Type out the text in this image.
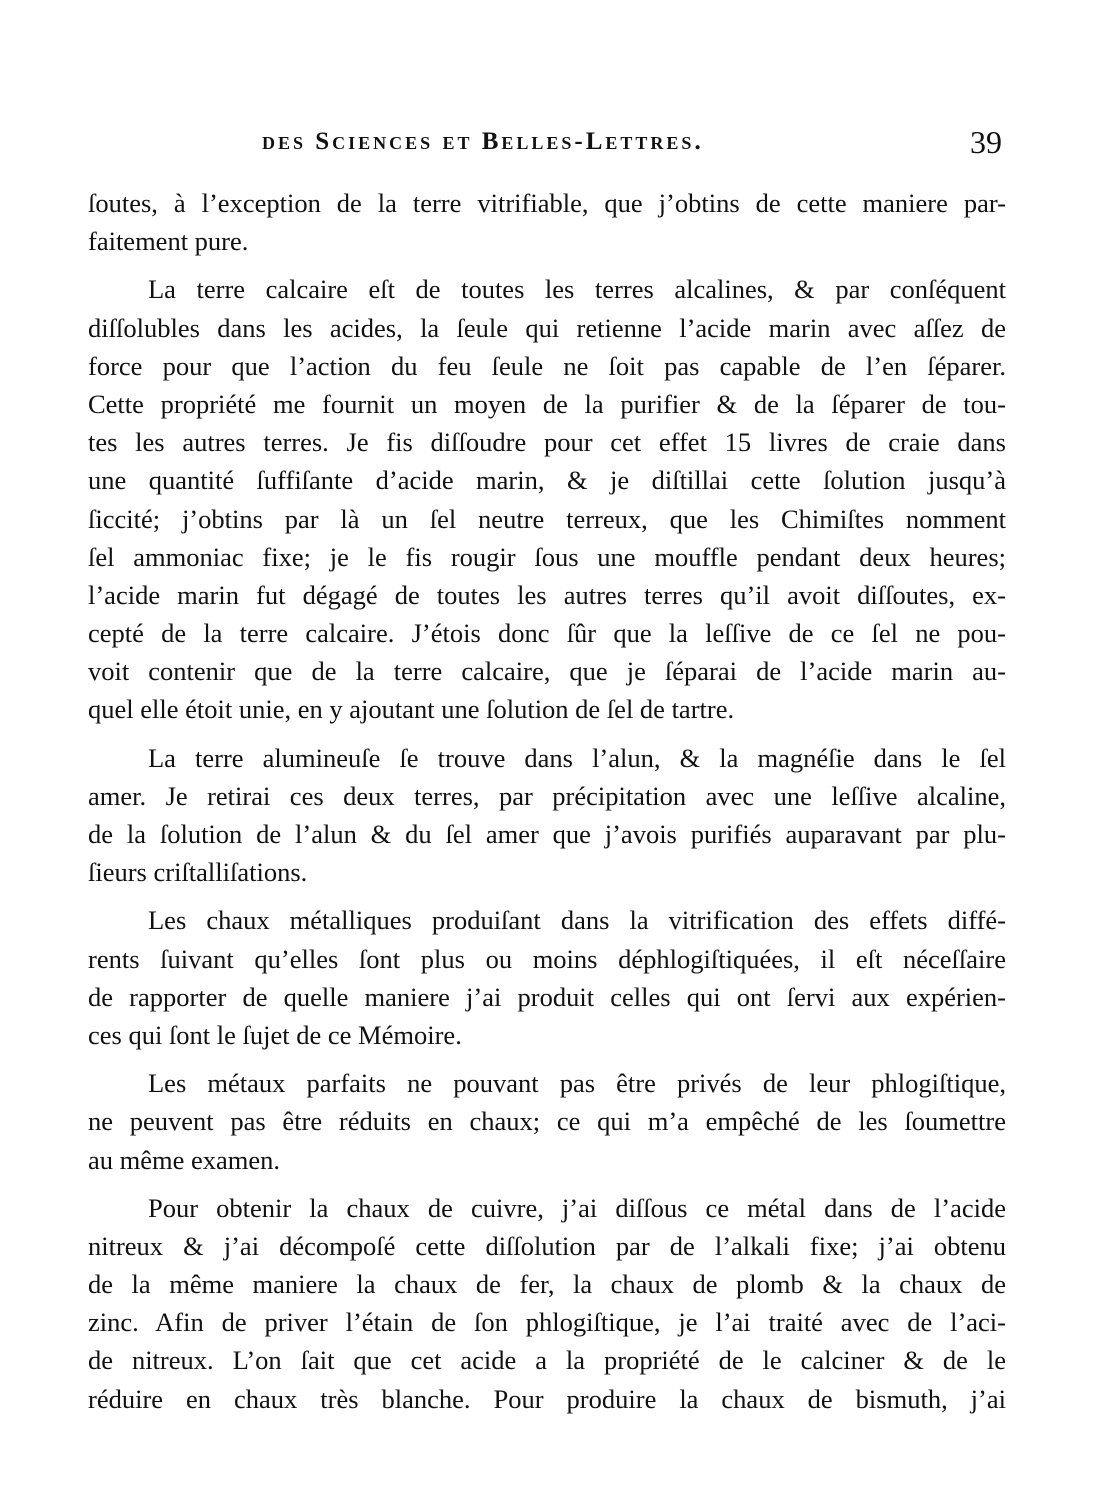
des Sciences et Belles-Lettres.	39
ſoutes, à l’exception de la terre vitrifiable, que j’obtins de cette maniere par-
faitement pure.
La terre calcaire eſt de toutes les terres alcalines, & par conſéquent
diſſolubles dans les acides, la ſeule qui retienne l’acide marin avec aſſez de
force pour que l’action du feu ſeule ne ſoit pas capable de l’en ſéparer.
Cette propriété me fournit un moyen de la purifier & de la ſéparer de tou-
tes les autres terres. Je fis diſſoudre pour cet effet 15 livres de craie dans
une quantité ſuffiſante d’acide marin, & je diſtillai cette ſolution jusqu’à
ſiccité; j’obtins par là un ſel neutre terreux, que les Chimiſtes nomment
ſel ammoniac fixe; je le fis rougir ſous une mouffle pendant deux heures;
l’acide marin fut dégagé de toutes les autres terres qu’il avoit diſſoutes, ex-
cepté de la terre calcaire. J’étois donc ſûr que la leſſive de ce ſel ne pou-
voit contenir que de la terre calcaire, que je ſéparai de l’acide marin au-
quel elle étoit unie, en y ajoutant une ſolution de ſel de tartre.
La terre alumineuſe ſe trouve dans l’alun, & la magnéſie dans le ſel
amer. Je retirai ces deux terres, par précipitation avec une leſſive alcaline,
de la ſolution de l’alun & du ſel amer que j’avois purifiés auparavant par plu-
ſieurs criſtalliſations.
Les chaux métalliques produiſant dans la vitrification des effets diffé-
rents ſuivant qu’elles ſont plus ou moins déphlogiſtiquées, il eſt néceſſaire
de rapporter de quelle maniere j’ai produit celles qui ont ſervi aux expérien-
ces qui ſont le ſujet de ce Mémoire.
Les métaux parfaits ne pouvant pas être privés de leur phlogiſtique,
ne peuvent pas être réduits en chaux; ce qui m’a empêché de les ſoumettre
au même examen.
Pour obtenir la chaux de cuivre, j’ai diſſous ce métal dans de l’acide
nitreux & j’ai décompoſé cette diſſolution par de l’alkali fixe; j’ai obtenu
de la même maniere la chaux de fer, la chaux de plomb & la chaux de
zinc. Afin de priver l’étain de ſon phlogiſtique, je l’ai traité avec de l’aci-
de nitreux. L’on ſait que cet acide a la propriété de le calciner & de le
réduire en chaux très blanche. Pour produire la chaux de bismuth, j’ai
